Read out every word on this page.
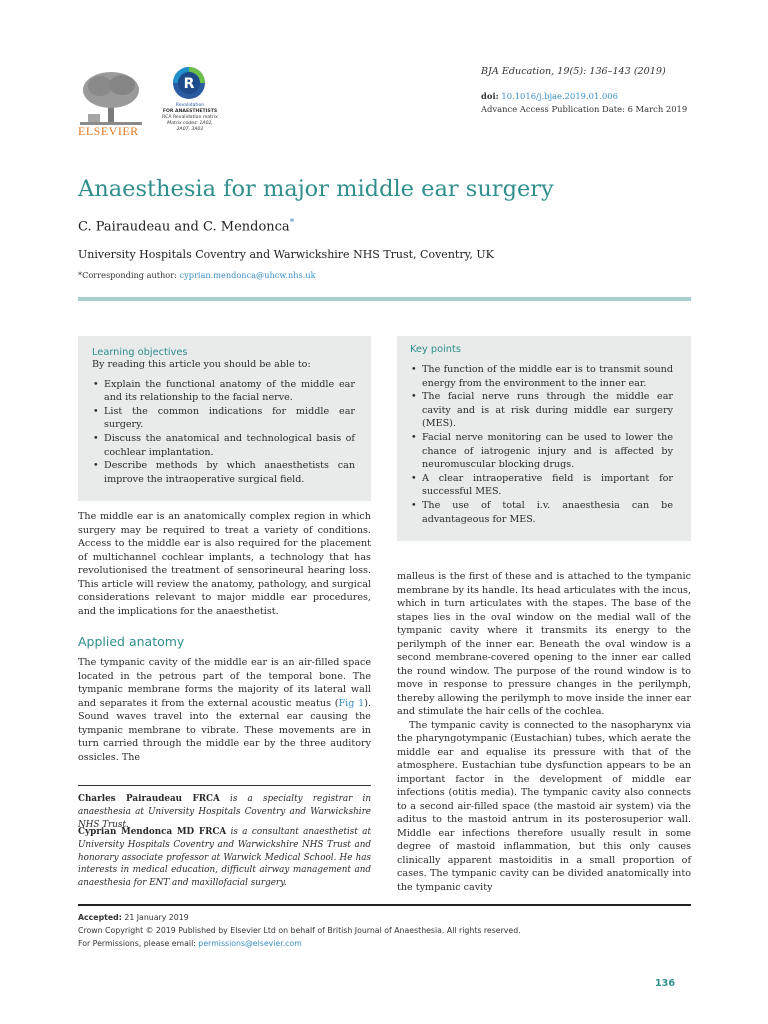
ELSEVIER
R
Revalidation
FOR ANAESTHETISTS
RCA Revalidation matrix
Matrix codes: 1A02,
2A07, 3A02
BJA Education, 19(5): 136–143 (2019)
doi: 10.1016/j.bjae.2019.01.006
Advance Access Publication Date: 6 March 2019
Anaesthesia for major middle ear surgery
C. Pairaudeau and C. Mendonca*
University Hospitals Coventry and Warwickshire NHS Trust, Coventry, UK
*Corresponding author: cyprian.mendonca@uhcw.nhs.uk
Learning objectives
By reading this article you should be able to:
• Explain the functional anatomy of the middle ear and its relationship to the facial nerve.
• List the common indications for middle ear surgery.
• Discuss the anatomical and technological basis of cochlear implantation.
• Describe methods by which anaesthetists can improve the intraoperative surgical field.
Key points
• The function of the middle ear is to transmit sound energy from the environment to the inner ear.
• The facial nerve runs through the middle ear cavity and is at risk during middle ear surgery (MES).
• Facial nerve monitoring can be used to lower the chance of iatrogenic injury and is affected by neuromuscular blocking drugs.
• A clear intraoperative field is important for successful MES.
• The use of total i.v. anaesthesia can be advantageous for MES.
The middle ear is an anatomically complex region in which surgery may be required to treat a variety of conditions. Access to the middle ear is also required for the placement of multichannel cochlear implants, a technology that has revolutionised the treatment of sensorineural hearing loss. This article will review the anatomy, pathology, and surgical considerations relevant to major middle ear procedures, and the implications for the anaesthetist.
Applied anatomy
The tympanic cavity of the middle ear is an air-filled space located in the petrous part of the temporal bone. The tympanic membrane forms the majority of its lateral wall and separates it from the external acoustic meatus (Fig 1). Sound waves travel into the external ear causing the tympanic membrane to vibrate. These movements are in turn carried through the middle ear by the three auditory ossicles. The
Charles Pairaudeau FRCA is a specialty registrar in anaesthesia at University Hospitals Coventry and Warwickshire NHS Trust.
Cyprian Mendonca MD FRCA is a consultant anaesthetist at University Hospitals Coventry and Warwickshire NHS Trust and honorary associate professor at Warwick Medical School. He has interests in medical education, difficult airway management and anaesthesia for ENT and maxillofacial surgery.

malleus is the first of these and is attached to the tympanic membrane by its handle. Its head articulates with the incus, which in turn articulates with the stapes. The base of the stapes lies in the oval window on the medial wall of the tympanic cavity where it transmits its energy to the perilymph of the inner ear. Beneath the oval window is a second membrane-covered opening to the inner ear called the round window. The purpose of the round window is to move in response to pressure changes in the perilymph, thereby allowing the perilymph to move inside the inner ear and stimulate the hair cells of the cochlea.

The tympanic cavity is connected to the nasopharynx via the pharyngotympanic (Eustachian) tubes, which aerate the middle ear and equalise its pressure with that of the atmosphere. Eustachian tube dysfunction appears to be an important factor in the development of middle ear infections (otitis media). The tympanic cavity also connects to a second air-filled space (the mastoid air system) via the aditus to the mastoid antrum in its posterosuperior wall. Middle ear infections therefore usually result in some degree of mastoid inflammation, but this only causes clinically apparent mastoiditis in a small proportion of cases. The tympanic cavity can be divided anatomically into the tympanic cavity

Accepted: 21 January 2019
Crown Copyright © 2019 Published by Elsevier Ltd on behalf of British Journal of Anaesthesia. All rights reserved.
For Permissions, please email: permissions@elsevier.com
136
